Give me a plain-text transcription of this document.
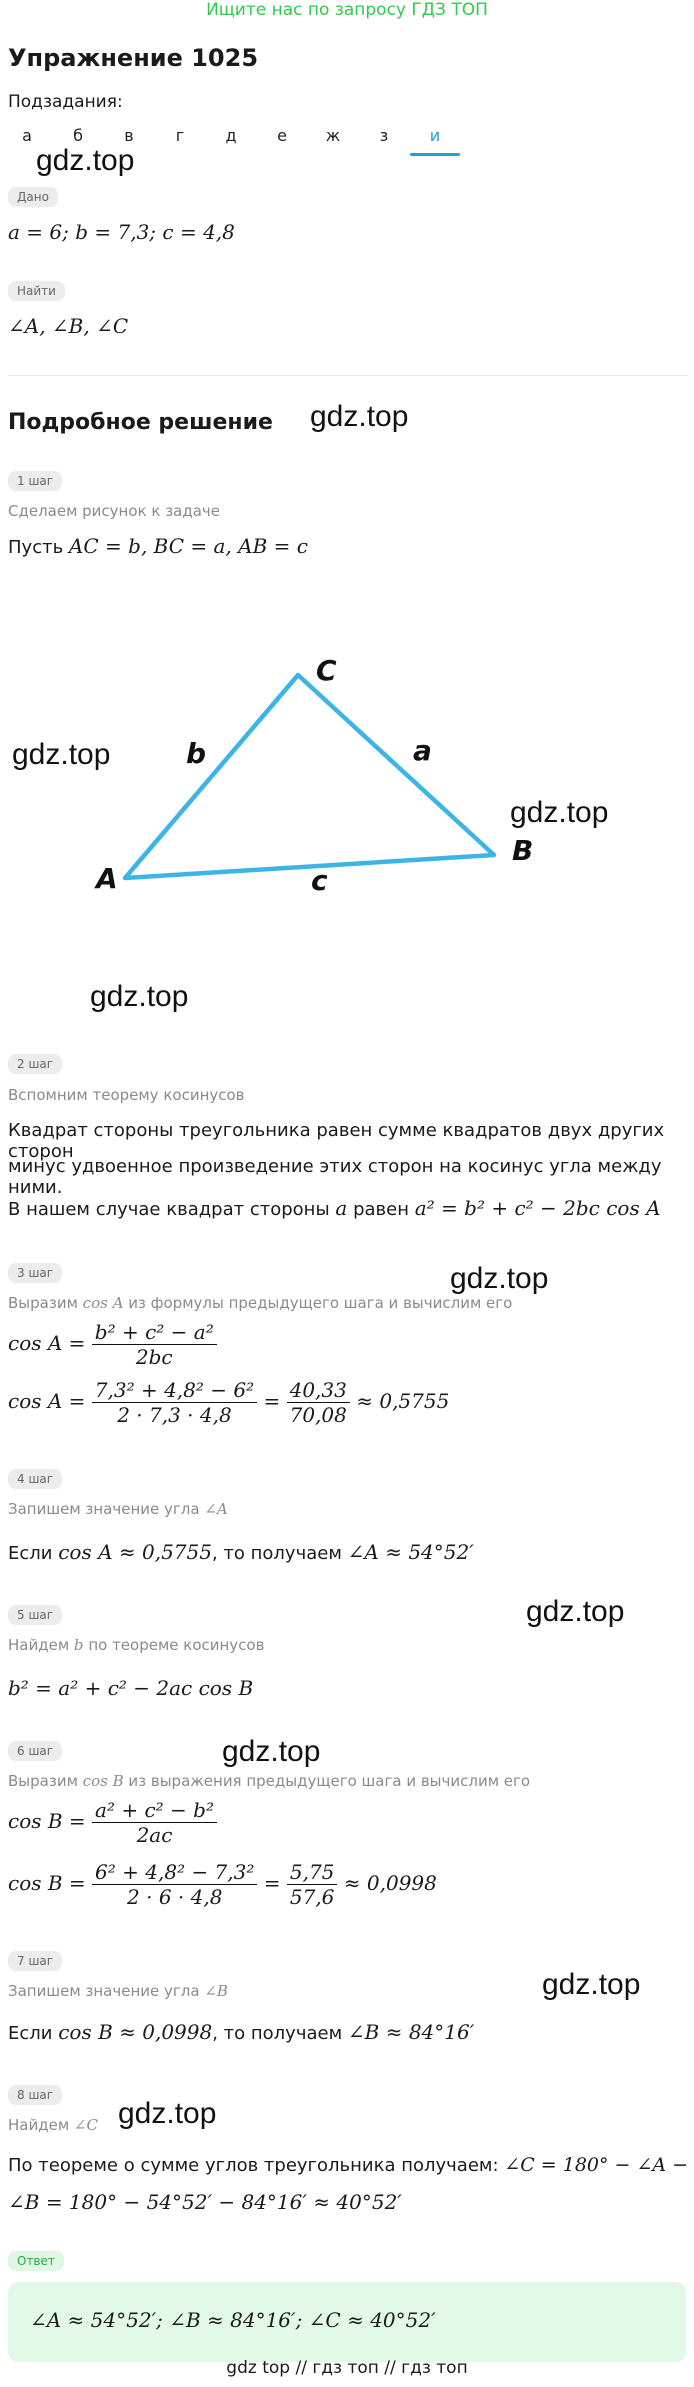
Ищите нас по запросу ГДЗ ТОП
Упражнение 1025
Подзадания:
а	б	в	г	д	е	ж	з	и
gdz.top
gdz.top
gdz.top
gdz.top
gdz.top
gdz.top
gdz.top
gdz.top
gdz.top
gdz.top
Дано
a = 6; b = 7,3; c = 4,8
Найти
∠A, ∠B, ∠C
Подробное решение
1 шаг
Сделаем рисунок к задаче
Пусть AC = b, BC = a, AB = c
C
A
B
b	a
c
2 шаг
Вспомним теорему косинусов
Квадрат стороны треугольника равен сумме квадратов двух других сторон
минус удвоенное произведение этих сторон на косинус угла между ними.
В нашем случае квадрат стороны a равен a² = b² + c² − 2bc cos A
3 шаг
Выразим cos A из формулы предыдущего шага и вычислим его
$\cos A = \frac{\text{b² + c² − a²}}{2bc}$
$\cos A = \frac{\text{7,3² + 4,8² − 6²}}{2 \cdot 7,3 \cdot 4,8} = \frac{40,33}{70,08} \approx 0,5755$
4 шаг
Запишем значение угла ∠A
Если cos A ≈ 0,5755, то получаем ∠A ≈ 54°52′
5 шаг
Найдем b по теореме косинусов
b² = a² + c² − 2ac cos B
6 шаг
Выразим cos B из выражения предыдущего шага и вычислим его
$\cos B = \frac{\text{a² + c² − b²}}{2ac}$
$\cos B = \frac{\text{6² + 4,8² − 7,3²}}{2 \cdot 6 \cdot 4,8} = \frac{5,75}{57,6} \approx 0,0998$
7 шаг
Запишем значение угла ∠B
Если cos B ≈ 0,0998, то получаем ∠B ≈ 84°16′
8 шаг
Найдем ∠C
По теореме о сумме углов треугольника получаем: ∠C = 180° − ∠A −
∠B = 180° − 54°52′ − 84°16′ ≈ 40°52′
Ответ
∠A ≈ 54°52′; ∠B ≈ 84°16′; ∠C ≈ 40°52′
gdz top // гдз топ // гдз топ
